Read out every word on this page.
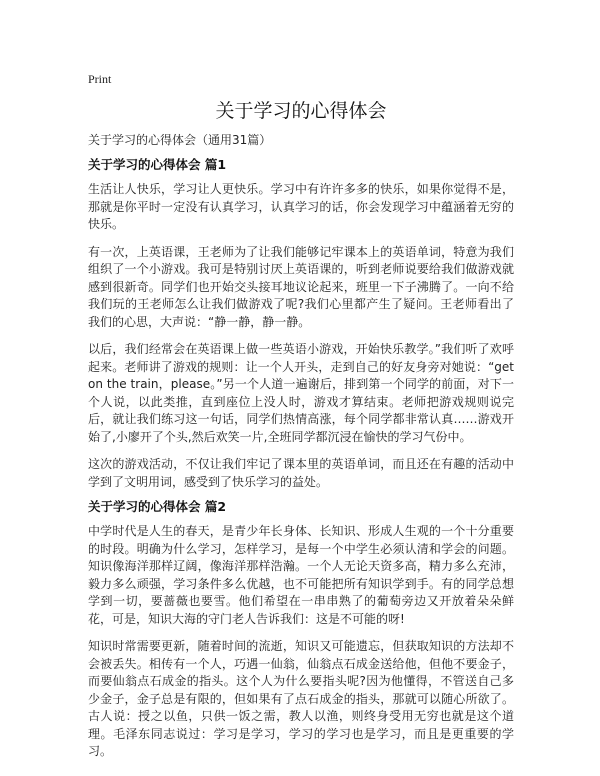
Print
关于学习的心得体会

关于学习的心得体会（通用31篇）

关于学习的心得体会 篇1

生活让人快乐，学习让人更快乐。学习中有许许多多的快乐，如果你觉得不是，那就是你平时一定没有认真学习，认真学习的话，你会发现学习中蕴涵着无穷的快乐。

有一次，上英语课，王老师为了让我们能够记牢课本上的英语单词，特意为我们组织了一个小游戏。我可是特别讨厌上英语课的，听到老师说要给我们做游戏就感到很新奇。同学们也开始交头接耳地议论起来，班里一下子沸腾了。一向不给我们玩的王老师怎么让我们做游戏了呢?我们心里都产生了疑问。王老师看出了我们的心思，大声说：“静一静，静一静。

以后，我们经常会在英语课上做一些英语小游戏，开始快乐教学。”我们听了欢呼起来。老师讲了游戏的规则：让一个人开头，走到自己的好友身旁对她说：“get on the train，please。”另一个人道一遍谢后，排到第一个同学的前面，对下一个人说，以此类推，直到座位上没人时，游戏才算结束。老师把游戏规则说完后，就让我们练习这一句话，同学们热情高涨，每个同学都非常认真……游戏开始了,小廖开了个头,然后欢笑一片,全班同学都沉浸在愉快的学习气份中。

这次的游戏活动，不仅让我们牢记了课本里的英语单词，而且还在有趣的活动中学到了文明用词，感受到了快乐学习的益处。

关于学习的心得体会 篇2

中学时代是人生的春天，是青少年长身体、长知识、形成人生观的一个十分重要的时段。明确为什么学习，怎样学习，是每一个中学生必须认清和学会的问题。知识像海洋那样辽阔，像海洋那样浩瀚。一个人无论天资多高，精力多么充沛，毅力多么顽强，学习条件多么优越，也不可能把所有知识学到手。有的同学总想学到一切，要蔷薇也要雪。他们希望在一串串熟了的葡萄旁边又开放着朵朵鲜花，可是，知识大海的守门老人告诉我们：这是不可能的呀!

知识时常需要更新，随着时间的流逝，知识又可能遗忘，但获取知识的方法却不会被丢失。相传有一个人，巧遇一仙翁，仙翁点石成金送给他，但他不要金子，而要仙翁点石成金的指头。这个人为什么要指头呢?因为他懂得，不管送自己多少金子，金子总是有限的，但如果有了点石成金的指头，那就可以随心所欲了。古人说：授之以鱼，只供一饭之需，教人以渔，则终身受用无穷也就是这个道理。毛泽东同志说过：学习是学习，学习的学习也是学习，而且是更重要的学习。
